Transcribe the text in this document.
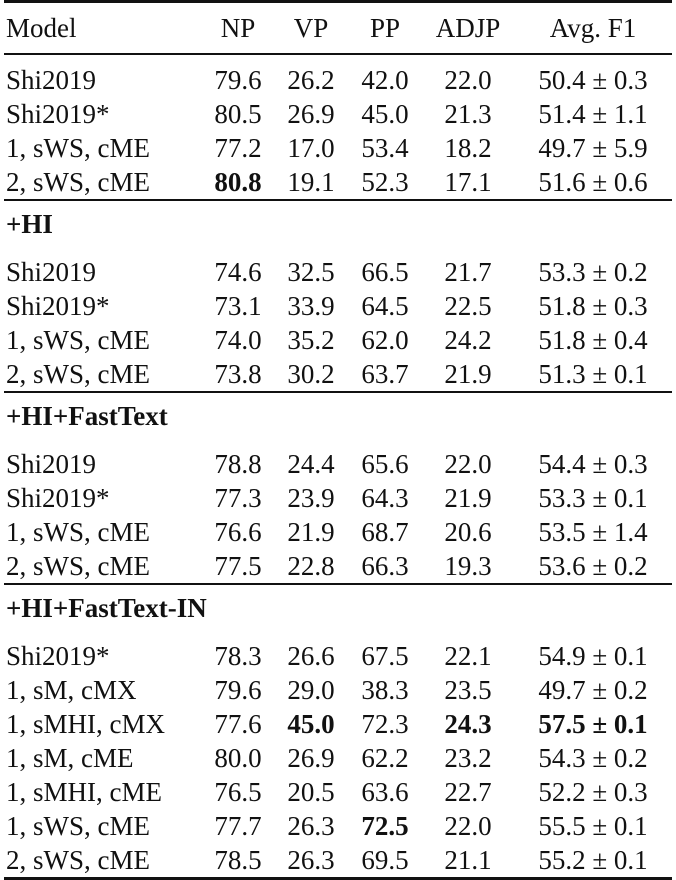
Model	NP	VP	PP	ADJP	Avg. F1
Shi2019	79.6	26.2	42.0	22.0	50.4 ± 0.3
Shi2019*	80.5	26.9	45.0	21.3	51.4 ± 1.1
1, sWS, cME	77.2	17.0	53.4	18.2	49.7 ± 5.9
2, sWS, cME	80.8	19.1	52.3	17.1	51.6 ± 0.6
+HI					
Shi2019	74.6	32.5	66.5	21.7	53.3 ± 0.2
Shi2019*	73.1	33.9	64.5	22.5	51.8 ± 0.3
1, sWS, cME	74.0	35.2	62.0	24.2	51.8 ± 0.4
2, sWS, cME	73.8	30.2	63.7	21.9	51.3 ± 0.1
+HI+FastText					
Shi2019	78.8	24.4	65.6	22.0	54.4 ± 0.3
Shi2019*	77.3	23.9	64.3	21.9	53.3 ± 0.1
1, sWS, cME	76.6	21.9	68.7	20.6	53.5 ± 1.4
2, sWS, cME	77.5	22.8	66.3	19.3	53.6 ± 0.2
+HI+FastText-IN					
Shi2019*	78.3	26.6	67.5	22.1	54.9 ± 0.1
1, sM, cMX	79.6	29.0	38.3	23.5	49.7 ± 0.2
1, sMHI, cMX	77.6	45.0	72.3	24.3	57.5 ± 0.1
1, sM, cME	80.0	26.9	62.2	23.2	54.3 ± 0.2
1, sMHI, cME	76.5	20.5	63.6	22.7	52.2 ± 0.3
1, sWS, cME	77.7	26.3	72.5	22.0	55.5 ± 0.1
2, sWS, cME	78.5	26.3	69.5	21.1	55.2 ± 0.1
